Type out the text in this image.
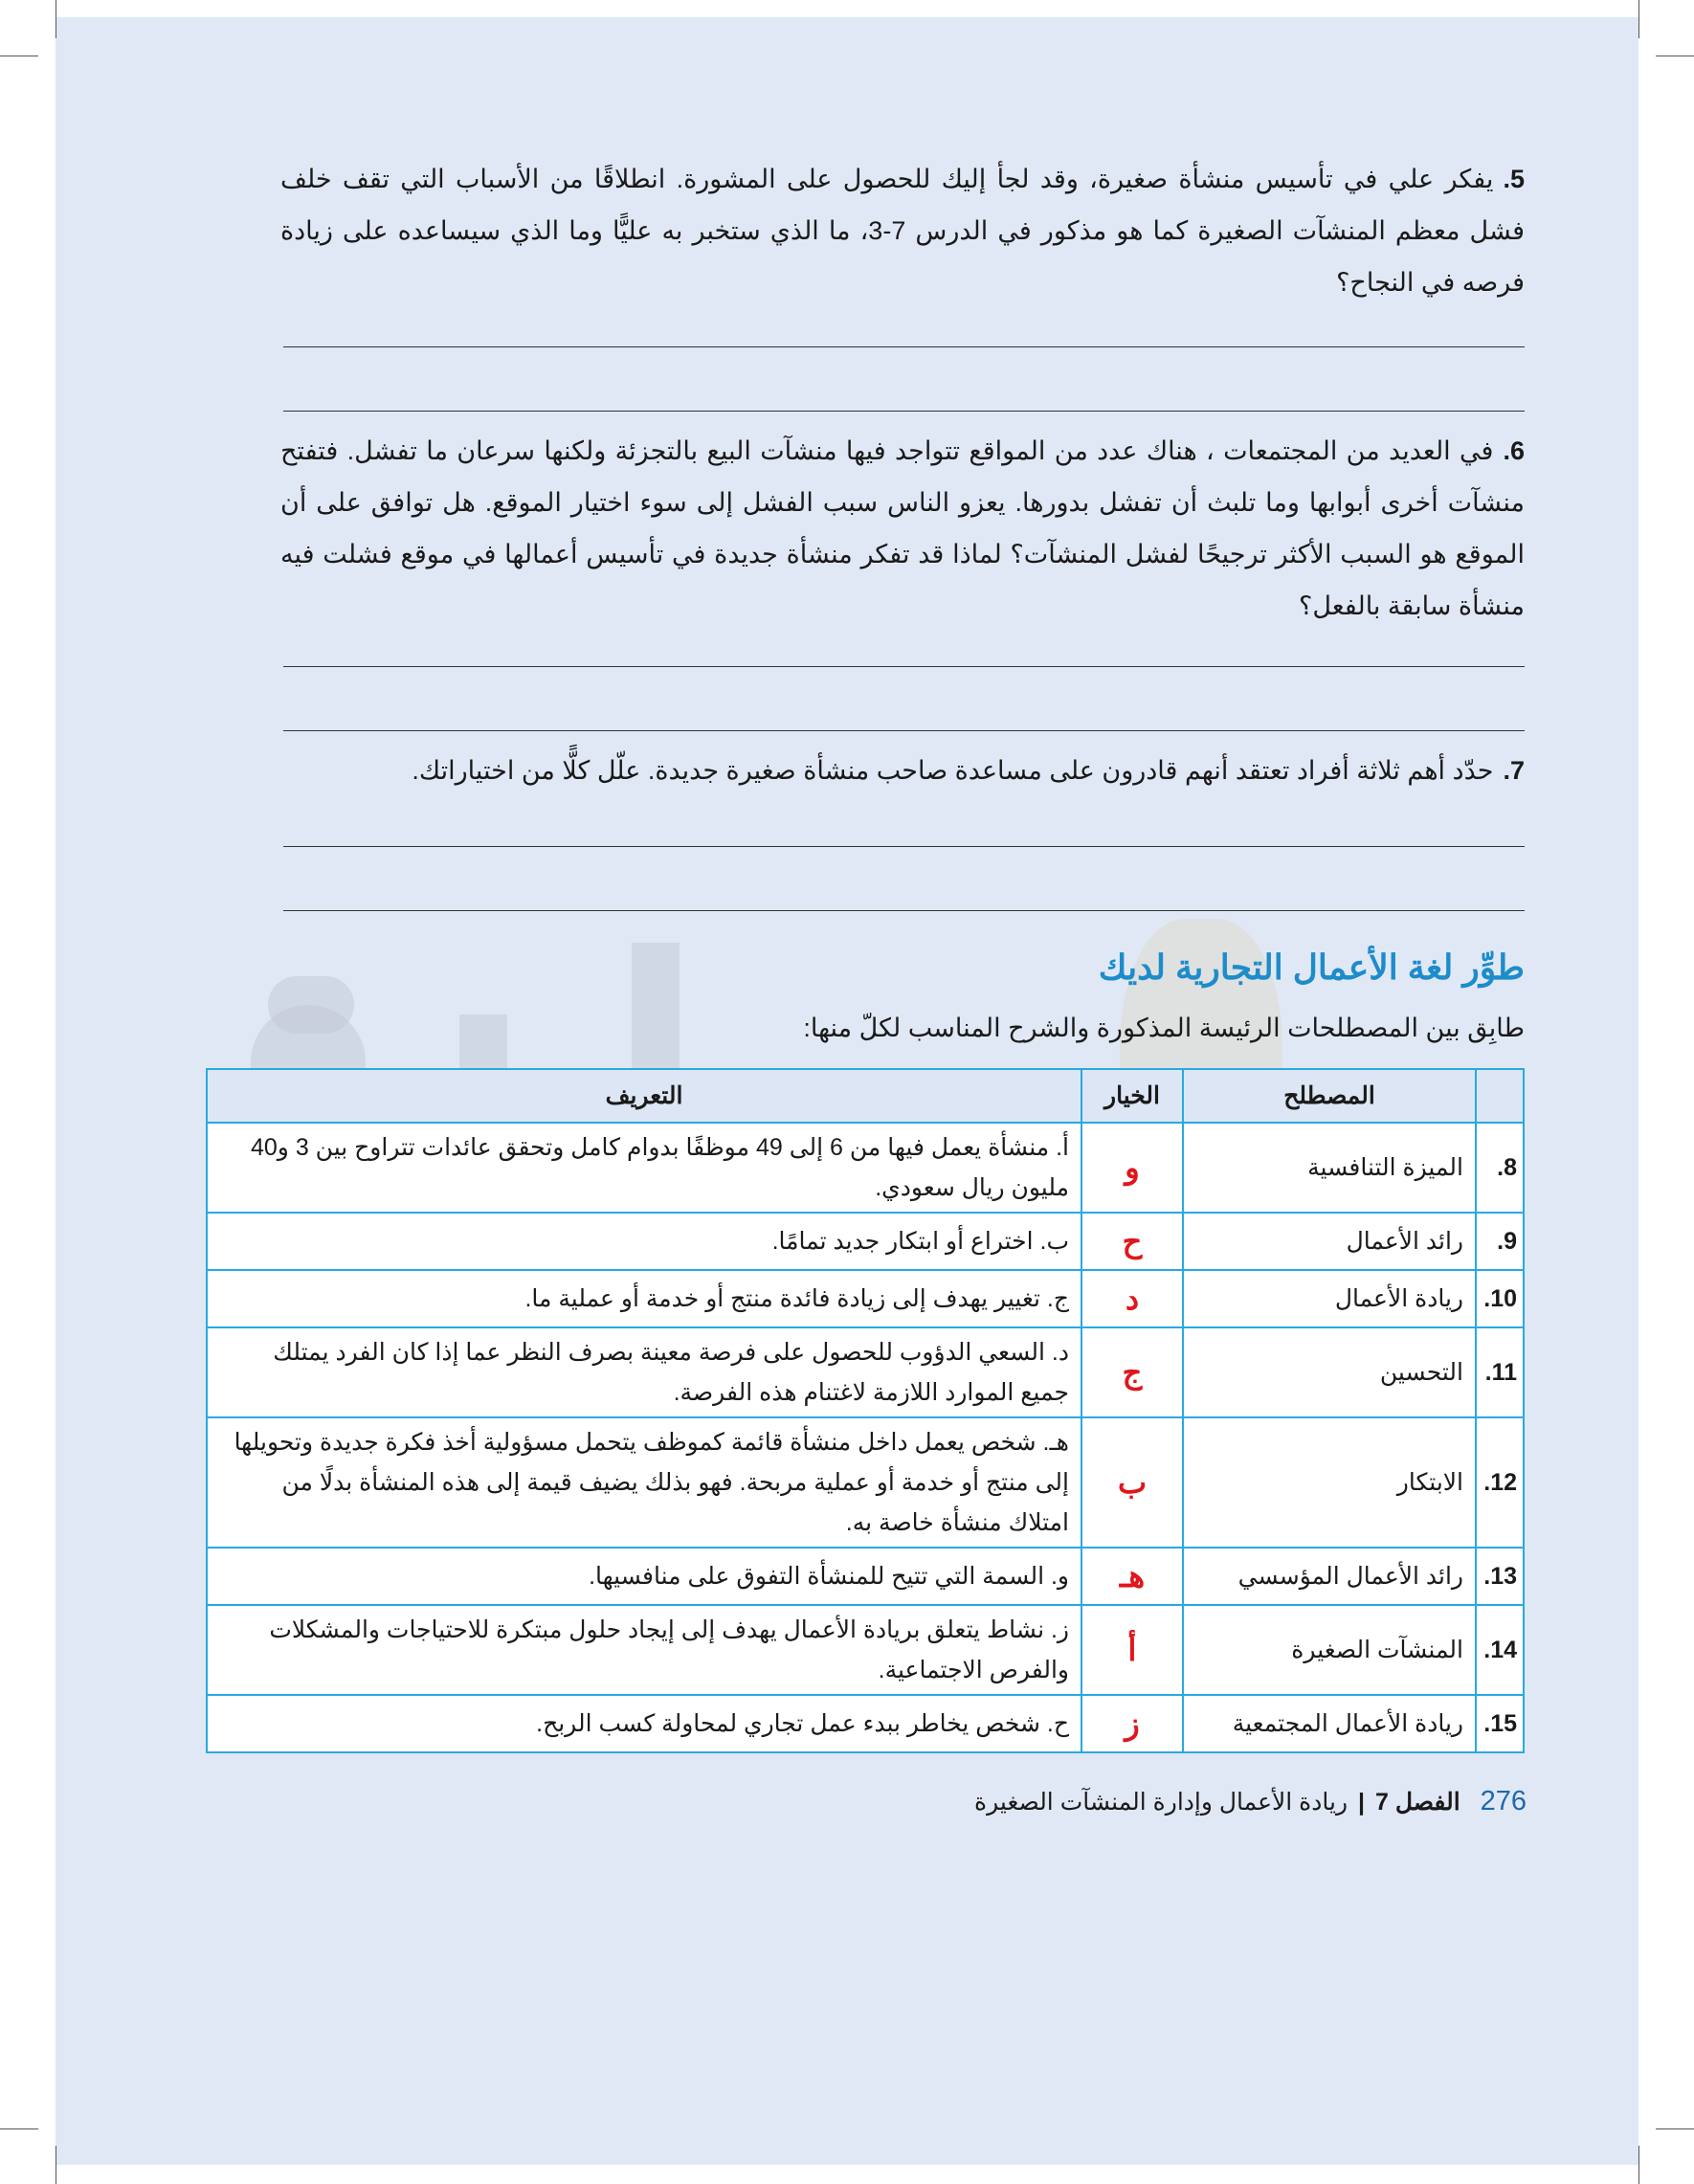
5.يفكر علي في تأسيس منشأة صغيرة، وقد لجأ إليك للحصول على المشورة. انطلاقًا من الأسباب التي تقف خلف فشل معظم المنشآت الصغيرة كما هو مذكور في الدرس 7-3، ما الذي ستخبر به عليًّا وما الذي سيساعده على زيادة فرصه في النجاح؟
6.في العديد من المجتمعات ، هناك عدد من المواقع تتواجد فيها منشآت البيع بالتجزئة ولكنها سرعان ما تفشل. فتفتح منشآت أخرى أبوابها وما تلبث أن تفشل بدورها. يعزو الناس سبب الفشل إلى سوء اختيار الموقع. هل توافق على أن الموقع هو السبب الأكثر ترجيحًا لفشل المنشآت؟ لماذا قد تفكر منشأة جديدة في تأسيس أعمالها في موقع فشلت فيه منشأة سابقة بالفعل؟
7.حدّد أهم ثلاثة أفراد تعتقد أنهم قادرون على مساعدة صاحب منشأة صغيرة جديدة. علّل كلًّا من اختياراتك.
طوِّر لغة الأعمال التجارية لديك
طابِق بين المصطلحات الرئيسة المذكورة والشرح المناسب لكلّ منها:
	المصطلح	الخيار	التعريف
8.	الميزة التنافسية	و	أ. منشأة يعمل فيها من 6 إلى 49 موظفًا بدوام كامل وتحقق عائدات تتراوح بين 3 و40 مليون ريال سعودي.
9.	رائد الأعمال	ح	ب. اختراع أو ابتكار جديد تمامًا.
10.	ريادة الأعمال	د	ج. تغيير يهدف إلى زيادة فائدة منتج أو خدمة أو عملية ما.
11.	التحسين	ج	د. السعي الدؤوب للحصول على فرصة معينة بصرف النظر عما إذا كان الفرد يمتلك جميع الموارد اللازمة لاغتنام هذه الفرصة.
12.	الابتكار	ب	هـ. شخص يعمل داخل منشأة قائمة كموظف يتحمل مسؤولية أخذ فكرة جديدة وتحويلها إلى منتج أو خدمة أو عملية مربحة. فهو بذلك يضيف قيمة إلى هذه المنشأة بدلًا من امتلاك منشأة خاصة به.
13.	رائد الأعمال المؤسسي	هـ	و. السمة التي تتيح للمنشأة التفوق على منافسيها.
14.	المنشآت الصغيرة	أ	ز. نشاط يتعلق بريادة الأعمال يهدف إلى إيجاد حلول مبتكرة للاحتياجات والمشكلات والفرص الاجتماعية.
15.	ريادة الأعمال المجتمعية	ز	ح. شخص يخاطر ببدء عمل تجاري لمحاولة كسب الربح.
276 الفصل 7 | ريادة الأعمال وإدارة المنشآت الصغيرة
